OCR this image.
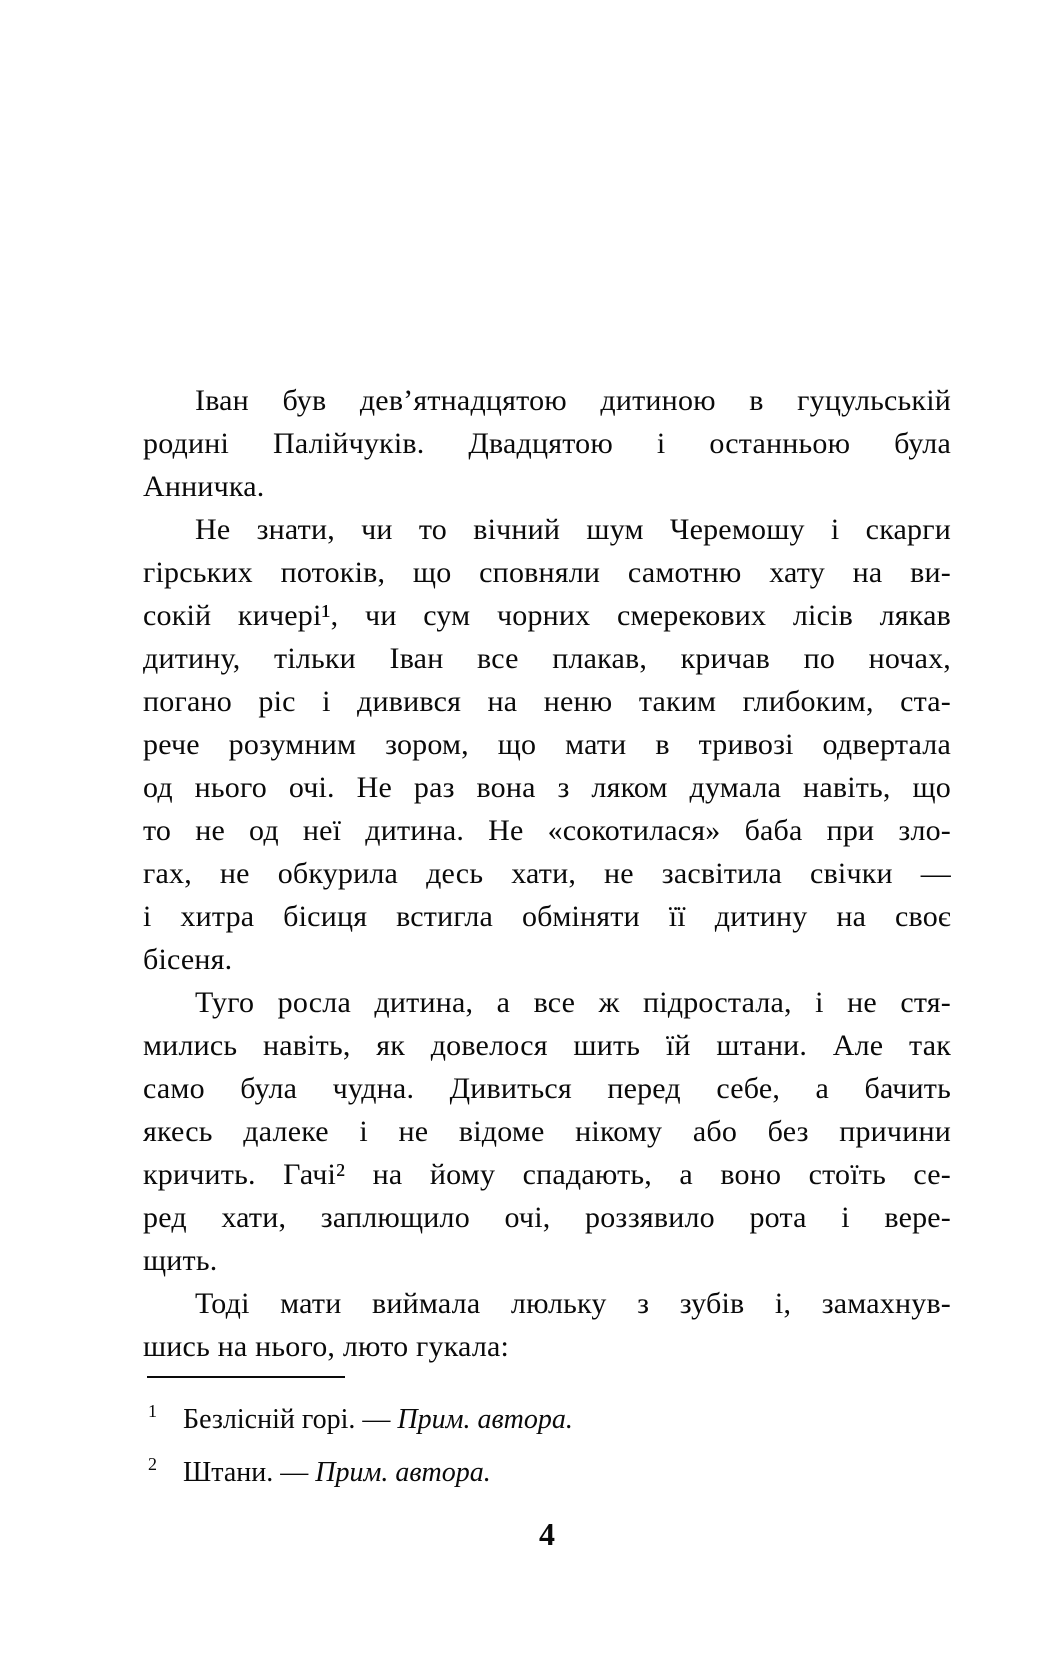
Іван був дев’ятнадцятою дитиною в гуцульській
родині Палійчуків. Двадцятою і останньою була
Анничка.
Не знати, чи то вічний шум Черемошу і скарги
гірських потоків, що сповняли самотню хату на ви-
сокій кичері¹, чи сум чорних смерекових лісів лякав
дитину, тільки Іван все плакав, кричав по ночах,
погано ріс і дивився на неню таким глибоким, ста-
рече розумним зором, що мати в тривозі одвертала
од нього очі. Не раз вона з ляком думала навіть, що
то не од неї дитина. Не «сокотилася» баба при зло-
гах, не обкурила десь хати, не засвітила свічки —
і хитра бісиця встигла обміняти її дитину на своє
бісеня.
Туго росла дитина, а все ж підростала, і не стя-
мились навіть, як довелося шить їй штани. Але так
само була чудна. Дивиться перед себе, а бачить
якесь далеке і не відоме нікому або без причини
кричить. Гачі² на йому спадають, а воно стоїть се-
ред хати, заплющило очі, роззявило рота і вере-
щить.
Тоді мати виймала люльку з зубів і, замахнув-
шись на нього, люто гукала:
1 Безлісній горі. — Прим. автора.
2 Штани. — Прим. автора.
4
